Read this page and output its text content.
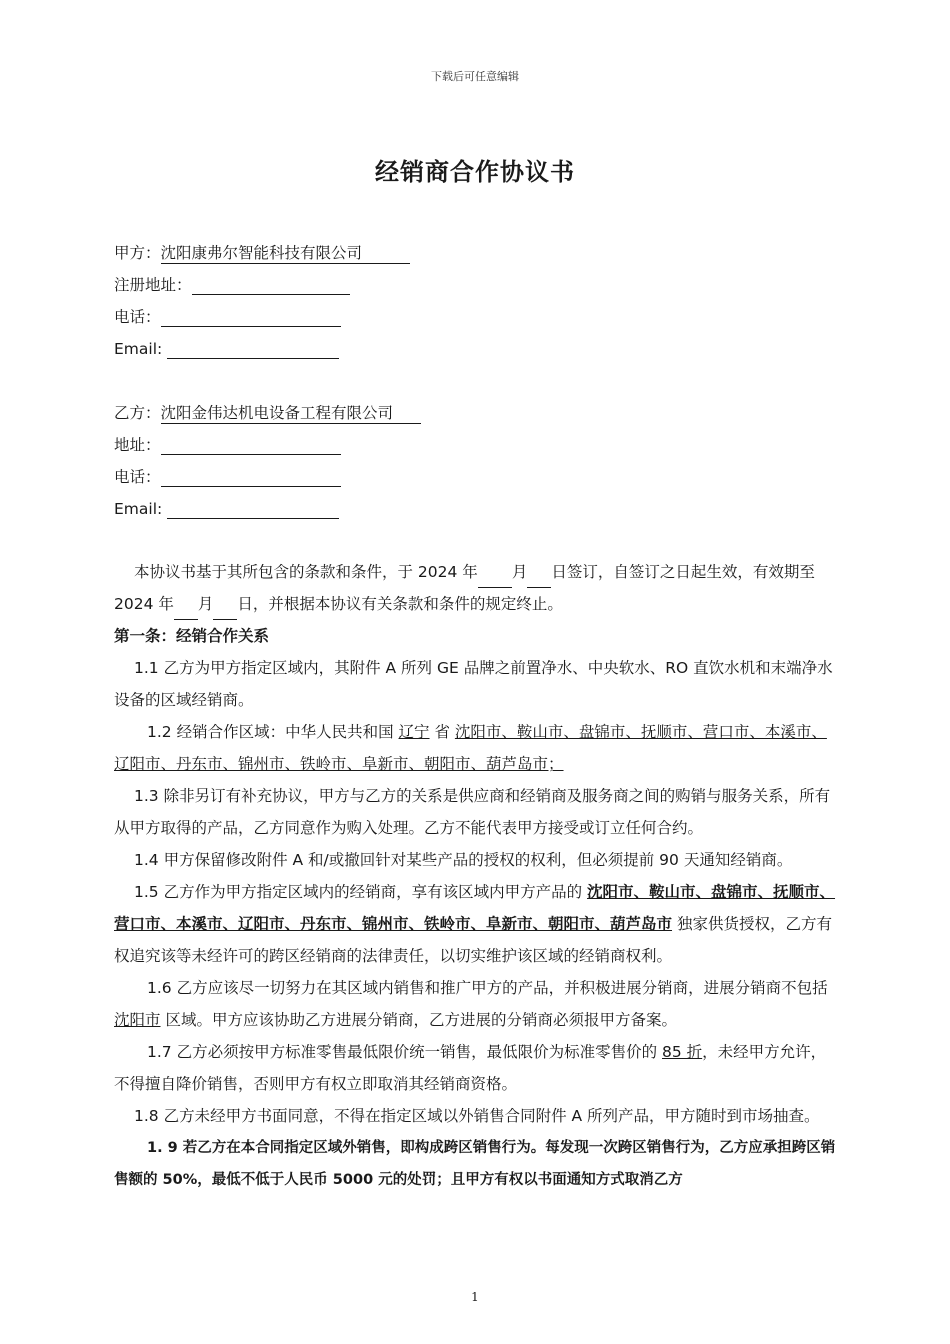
下载后可任意编辑
经销商合作协议书
甲方：沈阳康弗尔智能科技有限公司
注册地址：
电话：
Email:
乙方：沈阳金伟达机电设备工程有限公司
地址：
电话：
Email:

本协议书基于其所包含的条款和条件，于 2024 年 月 日签订，自签订之日起生效，有效期至 2024 年 月 日，并根据本协议有关条款和条件的规定终止。

第一条：经销合作关系

1.1 乙方为甲方指定区域内，其附件 A 所列 GE 品牌之前置净水、中央软水、RO 直饮水机和末端净水设备的区域经销商。

1.2 经销合作区域：中华人民共和国 辽宁 省 沈阳市、鞍山市、盘锦市、抚顺市、营口市、本溪市、辽阳市、丹东市、锦州市、铁岭市、阜新市、朝阳市、葫芦岛市；

1.3 除非另订有补充协议，甲方与乙方的关系是供应商和经销商及服务商之间的购销与服务关系，所有从甲方取得的产品，乙方同意作为购入处理。乙方不能代表甲方接受或订立任何合约。

1.4 甲方保留修改附件 A 和/或撤回针对某些产品的授权的权利，但必须提前 90 天通知经销商。

1.5 乙方作为甲方指定区域内的经销商，享有该区域内甲方产品的 沈阳市、鞍山市、盘锦市、抚顺市、营口市、本溪市、辽阳市、丹东市、锦州市、铁岭市、阜新市、朝阳市、葫芦岛市 独家供货授权，乙方有权追究该等未经许可的跨区经销商的法律责任，以切实维护该区域的经销商权利。

1.6 乙方应该尽一切努力在其区域内销售和推广甲方的产品，并积极进展分销商，进展分销商不包括 沈阳市 区域。甲方应该协助乙方进展分销商，乙方进展的分销商必须报甲方备案。

1.7 乙方必须按甲方标准零售最低限价统一销售，最低限价为标准零售价的 85 折，未经甲方允许，不得擅自降价销售，否则甲方有权立即取消其经销商资格。

1.8 乙方未经甲方书面同意，不得在指定区域以外销售合同附件 A 所列产品，甲方随时到市场抽查。

1. 9 若乙方在本合同指定区域外销售，即构成跨区销售行为。每发现一次跨区销售行为，乙方应承担跨区销售额的 50%，最低不低于人民币 5000 元的处罚；且甲方有权以书面通知方式取消乙方

1
